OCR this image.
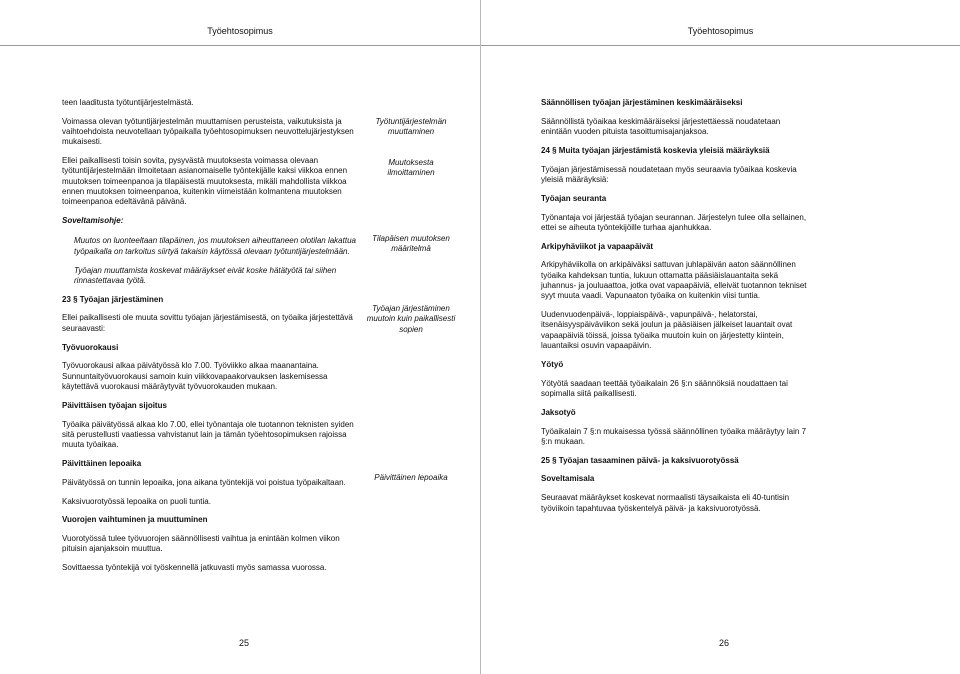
Työehtosopimus

teen laaditusta työtuntijärjestelmästä.

Voimassa olevan työtuntijärjestelmän muuttamisen perusteista, vaikutuksista ja vaihtoehdoista neuvotellaan työpaikalla työehtosopimuksen neuvottelujärjestyksen mukaisesti.

Ellei paikallisesti toisin sovita, pysyvästä muutoksesta voimassa olevaan työtuntijärjestelmään ilmoitetaan asianomaiselle työntekijälle kaksi viikkoa ennen muutoksen toimeenpanoa ja tilapäisestä muutoksesta, mikäli mahdollista viikkoa ennen muutoksen toimeenpanoa, kuitenkin viimeistään kolmantena muutoksen toimeenpanoa edeltävänä päivänä.

Soveltamisohje:

Muutos on luonteeltaan tilapäinen, jos muutoksen aiheuttaneen olotilan lakattua työpaikalla on tarkoitus siirtyä takaisin käytössä olevaan työtuntijärjestelmään.

Työajan muuttamista koskevat määräykset eivät koske hätätyötä tai siihen rinnastettavaa työtä.

23 § Työajan järjestäminen

Ellei paikallisesti ole muuta sovittu työajan järjestämisestä, on työaika järjestettävä seuraavasti:

Työvuorokausi

Työvuorokausi alkaa päivätyössä klo 7.00. Työviikko alkaa maanantaina. Sunnuntaityövuorokausi samoin kuin viikkovapaakorvauksen laskemisessa käytettävä vuorokausi määräytyvät työvuorokauden mukaan.

Päivittäisen työajan sijoitus

Työaika päivätyössä alkaa klo 7.00, ellei työnantaja ole tuotannon teknisten syiden sitä perustellusti vaatiessa vahvistanut lain ja tämän työehtosopimuksen rajoissa muuta työaikaa.

Päivittäinen lepoaika

Päivätyössä on tunnin lepoaika, jona aikana työntekijä voi poistua työpaikaltaan.

Kaksivuorotyössä lepoaika on puoli tuntia.

Vuorojen vaihtuminen ja muuttuminen

Vuorotyössä tulee työvuorojen säännöllisesti vaihtua ja enintään kolmen viikon pituisin ajanjaksoin muuttua.

Sovittaessa työntekijä voi työskennellä jatkuvasti myös samassa vuorossa.

Työtuntijärjestelmän muuttaminen
Muutoksesta ilmoittaminen
Tilapäisen muutoksen määritelmä
Työajan järjestäminen muutoin kuin paikallisesti sopien
Päivittäinen lepoaika
25
Työehtosopimus

Säännöllisen työajan järjestäminen keskimääräiseksi

Säännöllistä työaikaa keskimääräiseksi järjestettäessä noudatetaan enintään vuoden pituista tasoittumisajanjaksoa.

24 § Muita työajan järjestämistä koskevia yleisiä määräyksiä

Työajan järjestämisessä noudatetaan myös seuraavia työaikaa koskevia yleisiä määräyksiä:

Työajan seuranta

Työnantaja voi järjestää työajan seurannan. Järjestelyn tulee olla sellainen, ettei se aiheuta työntekijöille turhaa ajanhukkaa.

Arkipyhäviikot ja vapaapäivät

Arkipyhäviikolla on arkipäiväksi sattuvan juhlapäivän aaton säännöllinen työaika kahdeksan tuntia, lukuun ottamatta pääsiäislauantaita sekä juhannus- ja jouluaattoa, jotka ovat vapaapäiviä, elleivät tuotannon tekniset syyt muuta vaadi. Vapunaaton työaika on kuitenkin viisi tuntia.

Uudenvuodenpäivä-, loppiaispäivä-, vapunpäivä-, helatorstai, itsenäisyyspäiväviikon sekä joulun ja pääsiäisen jälkeiset lauantait ovat vapaapäiviä töissä, joissa työaika muutoin kuin on järjestetty kiintein, lauantaiksi osuvin vapaapäivin.

Yötyö

Yötyötä saadaan teettää työaikalain 26 §:n säännöksiä noudattaen tai sopimalla siitä paikallisesti.

Jaksotyö

Työaikalain 7 §:n mukaisessa työssä säännöllinen työaika määräytyy lain 7 §:n mukaan.

25 § Työajan tasaaminen päivä- ja kaksivuorotyössä

Soveltamisala

Seuraavat määräykset koskevat normaalisti täysaikaista eli 40-tuntisin työviikoin tapahtuvaa työskentelyä päivä- ja kaksivuorotyössä.

26
